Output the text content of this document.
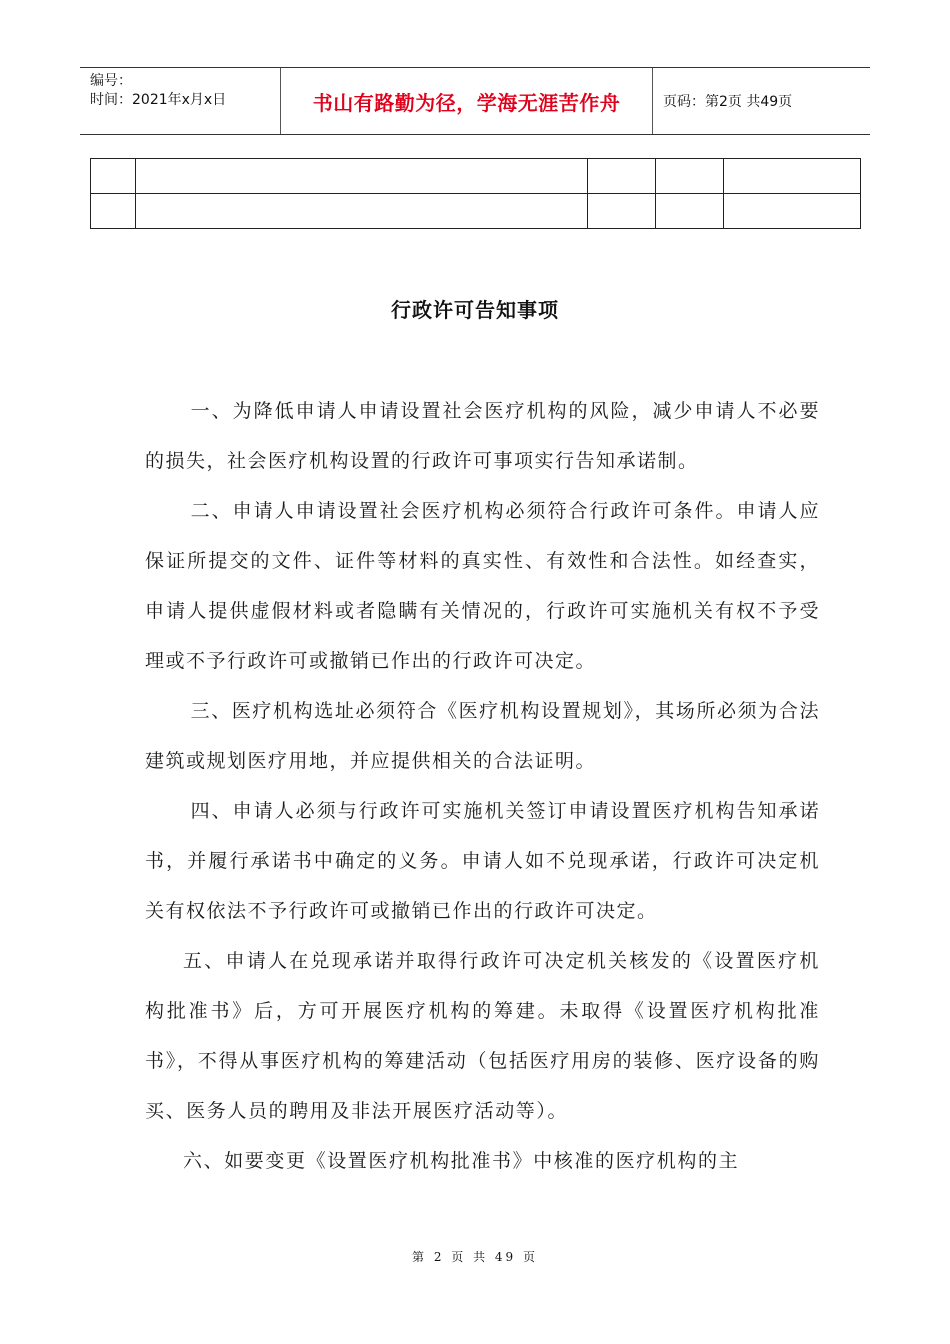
编号：
时间：2021年x月x日	书山有路勤为径，学海无涯苦作舟	页码：第2页 共49页

行政许可告知事项

一、为降低申请人申请设置社会医疗机构的风险，减少申请人不必要的损失，社会医疗机构设置的行政许可事项实行告知承诺制。

二、申请人申请设置社会医疗机构必须符合行政许可条件。申请人应保证所提交的文件、证件等材料的真实性、有效性和合法性。如经查实，申请人提供虚假材料或者隐瞒有关情况的，行政许可实施机关有权不予受理或不予行政许可或撤销已作出的行政许可决定。

三、医疗机构选址必须符合《医疗机构设置规划》，其场所必须为合法建筑或规划医疗用地，并应提供相关的合法证明。

四、申请人必须与行政许可实施机关签订申请设置医疗机构告知承诺书，并履行承诺书中确定的义务。申请人如不兑现承诺，行政许可决定机关有权依法不予行政许可或撤销已作出的行政许可决定。

五、申请人在兑现承诺并取得行政许可决定机关核发的《设置医疗机构批准书》后，方可开展医疗机构的筹建。未取得《设置医疗机构批准书》，不得从事医疗机构的筹建活动（包括医疗用房的装修、医疗设备的购买、医务人员的聘用及非法开展医疗活动等）。

六、如要变更《设置医疗机构批准书》中核准的医疗机构的主

第 2 页 共 49 页
